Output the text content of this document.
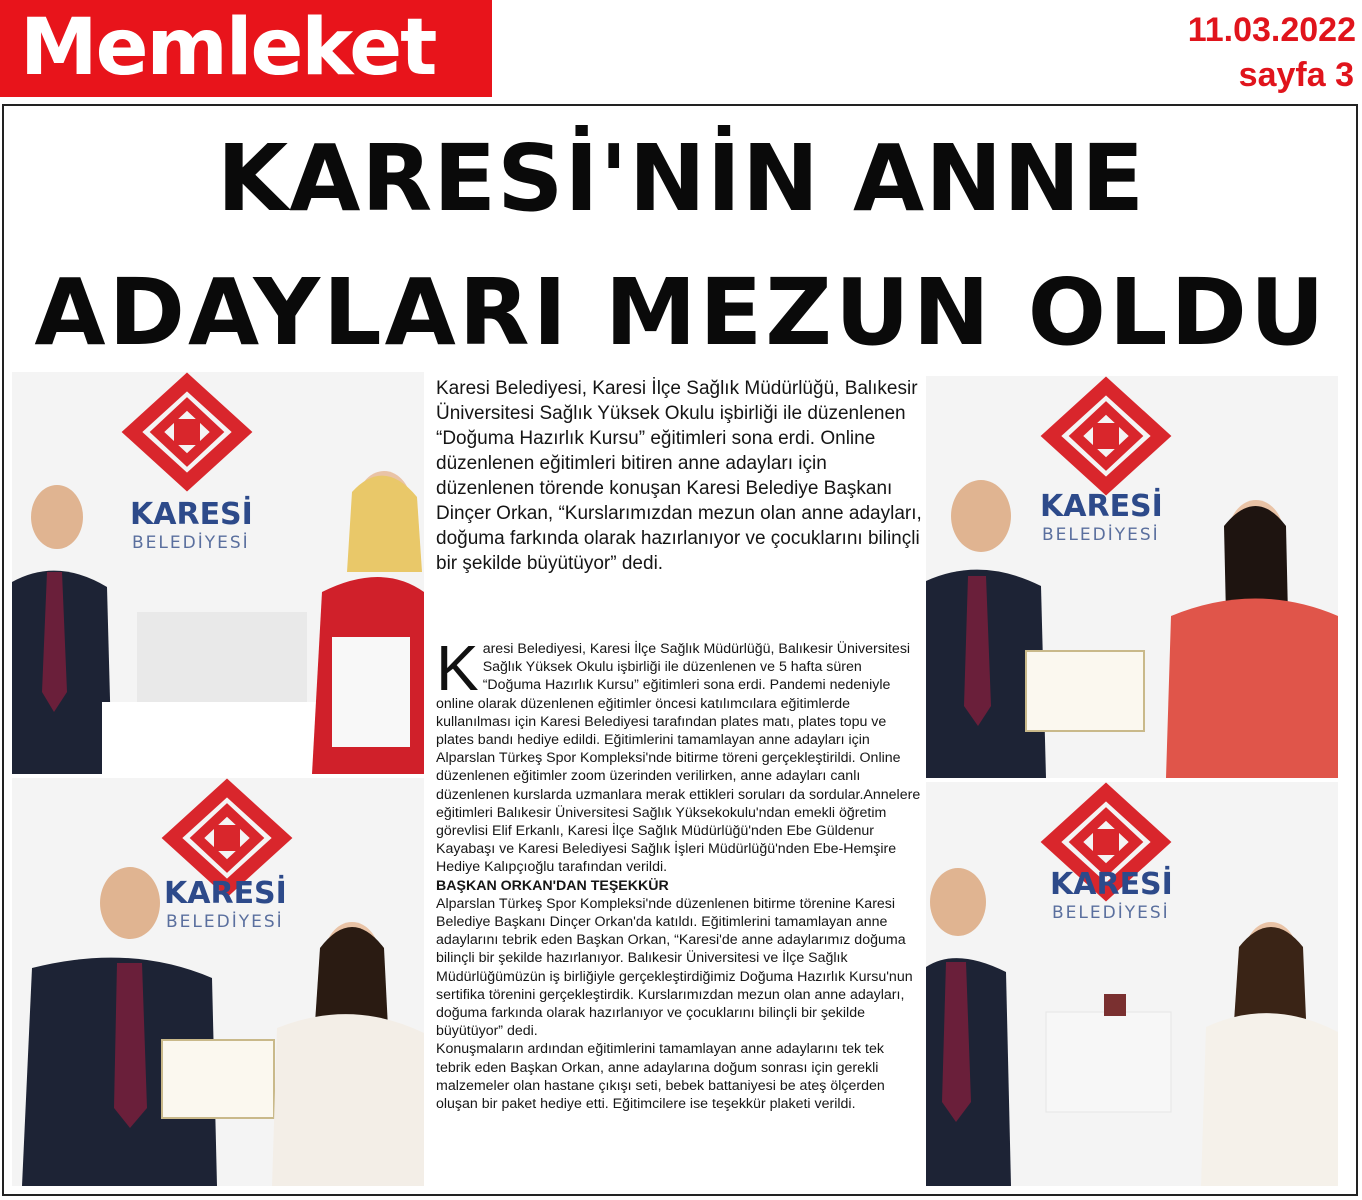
Memleket	11.03.2022
sayfa 3
KARESİ'NİN ANNE
ADAYLARI MEZUN OLDU
KARESİ
BELEDİYESİ
KARESİ
BELEDİYESİ
KARESİ
BELEDİYESİ
KARESİ
BELEDİYESİ
Karesi Belediyesi, Karesi İlçe Sağlık Müdürlüğü, Balıkesir Üniversitesi Sağlık Yüksek Okulu işbirliği ile düzenlenen “Doğuma Hazırlık Kursu” eğitimleri sona erdi. Online düzenlenen eğitimleri bitiren anne adayları için düzenlenen törende konuşan Karesi Belediye Başkanı Dinçer Orkan, “Kurslarımızdan mezun olan anne adayları, doğuma farkında olarak hazırlanıyor ve çocuklarını bilinçli bir şekilde büyütüyor” dedi.
K aresi Belediyesi, Karesi İlçe Sağlık Müdürlüğü, Balıkesir Üniversitesi Sağlık Yüksek Okulu işbirliği ile düzenlenen ve 5 hafta süren “Doğuma Hazırlık Kursu” eğitimleri sona erdi. Pandemi nedeniyle online olarak düzenlenen eğitimler öncesi katılımcılara eğitimlerde kullanılması için Karesi Belediyesi tarafından plates matı, plates topu ve plates bandı hediye edildi. Eğitimlerini tamamlayan anne adayları için Alparslan Türkeş Spor Kompleksi'nde bitirme töreni gerçekleştirildi. Online düzenlenen eğitimler zoom üzerinden verilirken, anne adayları canlı düzenlenen kurslarda uzmanlara merak ettikleri soruları da sordular.Annelere eğitimleri Balıkesir Üniversitesi Sağlık Yüksekokulu'ndan emekli öğretim görevlisi Elif Erkanlı, Karesi İlçe Sağlık Müdürlüğü'nden Ebe Güldenur Kayabaşı ve Karesi Belediyesi Sağlık İşleri Müdürlüğü'nden Ebe-Hemşire Hediye Kalıpçıoğlu tarafından verildi.

BAŞKAN ORKAN'DAN TEŞEKKÜR

Alparslan Türkeş Spor Kompleksi'nde düzenlenen bitirme törenine Karesi Belediye Başkanı Dinçer Orkan'da katıldı. Eğitimlerini tamamlayan anne adaylarını tebrik eden Başkan Orkan, “Karesi'de anne adaylarımız doğuma bilinçli bir şekilde hazırlanıyor. Balıkesir Üniversitesi ve İlçe Sağlık Müdürlüğümüzün iş birliğiyle gerçekleştirdiğimiz Doğuma Hazırlık Kursu'nun sertifika törenini gerçekleştirdik. Kurslarımızdan mezun olan anne adayları, doğuma farkında olarak hazırlanıyor ve çocuklarını bilinçli bir şekilde büyütüyor” dedi.

Konuşmaların ardından eğitimlerini tamamlayan anne adaylarını tek tek tebrik eden Başkan Orkan, anne adaylarına doğum sonrası için gerekli malzemeler olan hastane çıkışı seti, bebek battaniyesi be ateş ölçerden oluşan bir paket hediye etti. Eğitimcilere ise teşekkür plaketi verildi.
